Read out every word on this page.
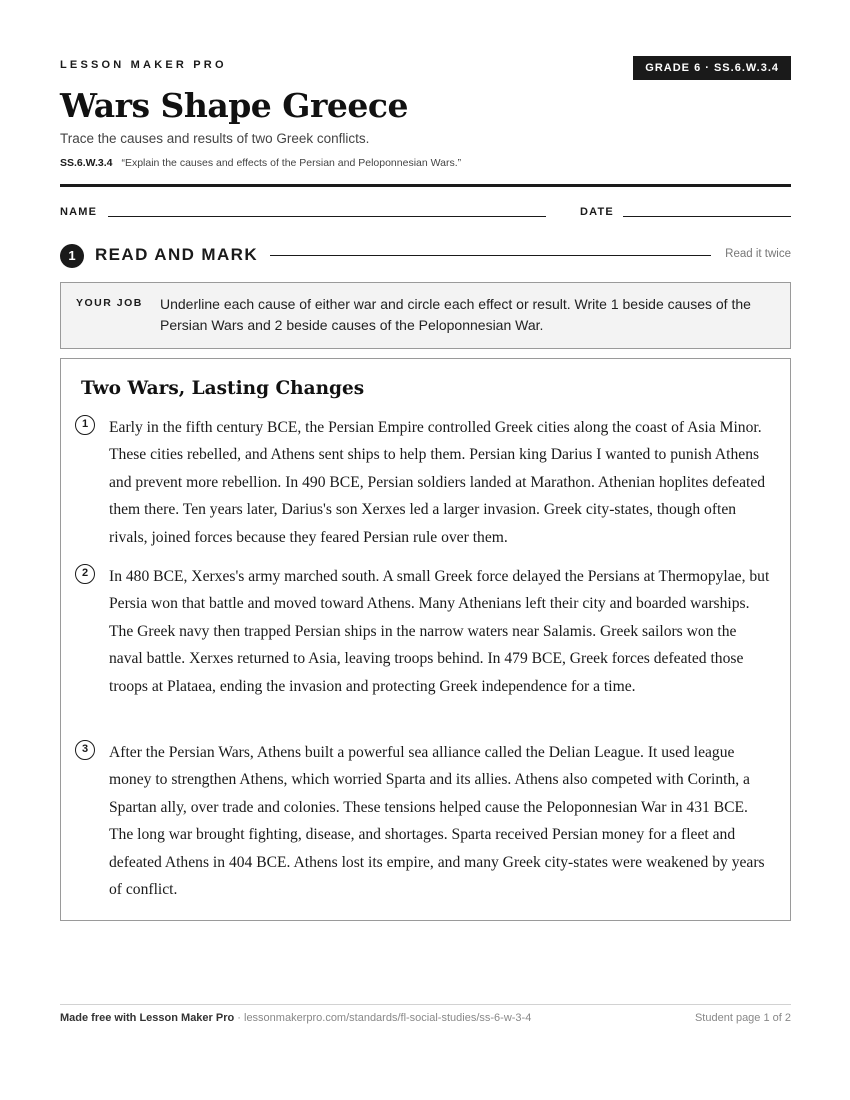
LESSON MAKER PRO	GRADE 6 · SS.6.W.3.4
Wars Shape Greece
Trace the causes and results of two Greek conflicts.
SS.6.W.3.4 “Explain the causes and effects of the Persian and Peloponnesian Wars.”
NAME	DATE
1	READ AND MARK	Read it twice
YOUR JOB Underline each cause of either war and circle each effect or result. Write 1 beside causes of the Persian Wars and 2 beside causes of the Peloponnesian War.
Two Wars, Lasting Changes
1	Early in the fifth century BCE, the Persian Empire controlled Greek cities along the coast of Asia Minor. These cities rebelled, and Athens sent ships to help them. Persian king Darius I wanted to punish Athens and prevent more rebellion. In 490 BCE, Persian soldiers landed at Marathon. Athenian hoplites defeated them there. Ten years later, Darius's son Xerxes led a larger invasion. Greek city-states, though often rivals, joined forces because they feared Persian rule over them.
2	In 480 BCE, Xerxes's army marched south. A small Greek force delayed the Persians at Thermopylae, but Persia won that battle and moved toward Athens. Many Athenians left their city and boarded warships. The Greek navy then trapped Persian ships in the narrow waters near Salamis. Greek sailors won the naval battle. Xerxes returned to Asia, leaving troops behind. In 479 BCE, Greek forces defeated those troops at Plataea, ending the invasion and protecting Greek independence for a time.
3	After the Persian Wars, Athens built a powerful sea alliance called the Delian League. It used league money to strengthen Athens, which worried Sparta and its allies. Athens also competed with Corinth, a Spartan ally, over trade and colonies. These tensions helped cause the Peloponnesian War in 431 BCE. The long war brought fighting, disease, and shortages. Sparta received Persian money for a fleet and defeated Athens in 404 BCE. Athens lost its empire, and many Greek city-states were weakened by years of conflict.
Made free with Lesson Maker Pro · lessonmakerpro.com/standards/fl-social-studies/ss-6-w-3-4	Student page 1 of 2
